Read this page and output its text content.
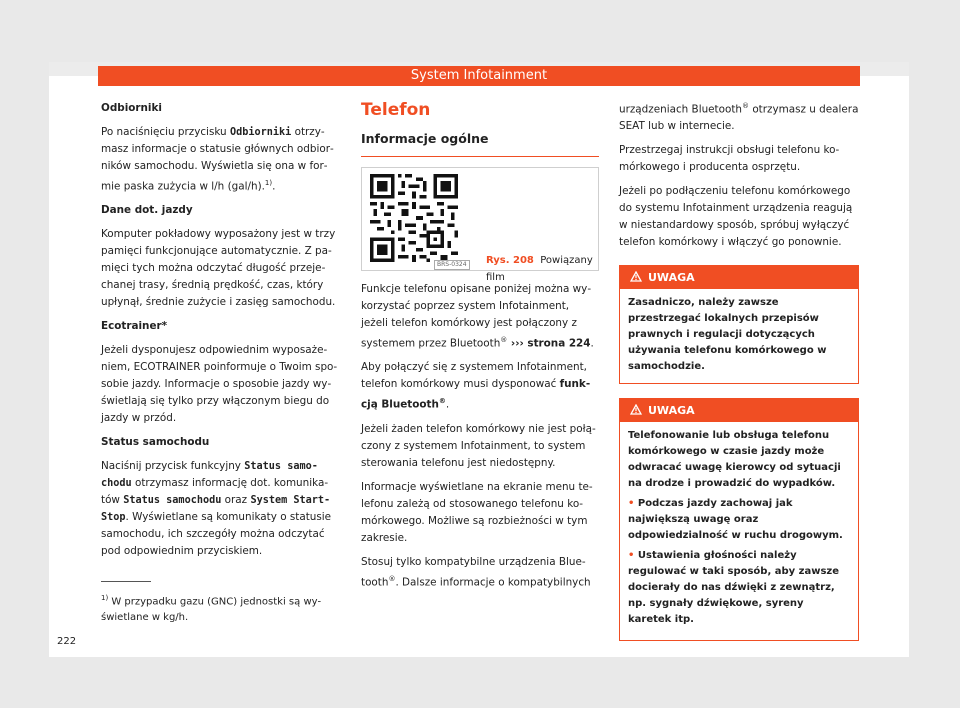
System Infotainment

Odbiorniki

Po naciśnięciu przycisku Odbiorniki otrzymasz informacje o statusie głównych odbiorników samochodu. Wyświetla się ona w formie paska zużycia w l/h (gal/h).$^{1)}$.

Dane dot. jazdy

Komputer pokładowy wyposażony jest w trzy pamięci funkcjonujące automatycznie. Z pamięci tych można odczytać długość przejechanej trasy, średnią prędkość, czas, który upłynął, średnie zużycie i zasięg samochodu.

Ecotrainer*

Jeżeli dysponujesz odpowiednim wyposażeniem, ECOTRAINER poinformuje o Twoim sposobie jazdy. Informacje o sposobie jazdy wyświetlają się tylko przy włączonym biegu do jazdy w przód.

Status samochodu

Naciśnij przycisk funkcyjny Status samochodu otrzymasz informację dot. komunikatów Status samochodu oraz System Start-Stop. Wyświetlane są komunikaty o statusie samochodu, ich szczegóły można odczytać pod odpowiednim przyciskiem.

$^{1)}$ W przypadku gazu (GNC) jednostki są wyświetlane w kg/h.
222
Telefon
Informacje ogólne
BRS-0324	Rys. 208 Powiązany film

Funkcje telefonu opisane poniżej można wykorzystać poprzez system Infotainment, jeżeli telefon komórkowy jest połączony z systemem przez Bluetooth® ››› strona 224.

Aby połączyć się z systemem Infotainment, telefon komórkowy musi dysponować funkcją Bluetooth®.

Jeżeli żaden telefon komórkowy nie jest połączony z systemem Infotainment, to system sterowania telefonu jest niedostępny.

Informacje wyświetlane na ekranie menu telefonu zależą od stosowanego telefonu komórkowego. Możliwe są rozbieżności w tym zakresie.

Stosuj tylko kompatybilne urządzenia Bluetooth®. Dalsze informacje o kompatybilnych

urządzeniach Bluetooth® otrzymasz u dealera SEAT lub w internecie.

Przestrzegaj instrukcji obsługi telefonu komórkowego i producenta osprzętu.

Jeżeli po podłączeniu telefonu komórkowego do systemu Infotainment urządzenia reagują w niestandardowy sposób, spróbuj wyłączyć telefon komórkowy i włączyć go ponownie.

UWAGA
Zasadniczo, należy zawsze przestrzegać lokalnych przepisów prawnych i regulacji dotyczących używania telefonu komórkowego w samochodzie.
UWAGA

Telefonowanie lub obsługa telefonu komórkowego w czasie jazdy może odwracać uwagę kierowcy od sytuacji na drodze i prowadzić do wypadków.

• Podczas jazdy zachowaj jak największą uwagę oraz odpowiedzialność w ruchu drogowym.

• Ustawienia głośności należy regulować w taki sposób, aby zawsze docierały do nas dźwięki z zewnątrz, np. sygnały dźwiękowe, syreny karetek itp.
